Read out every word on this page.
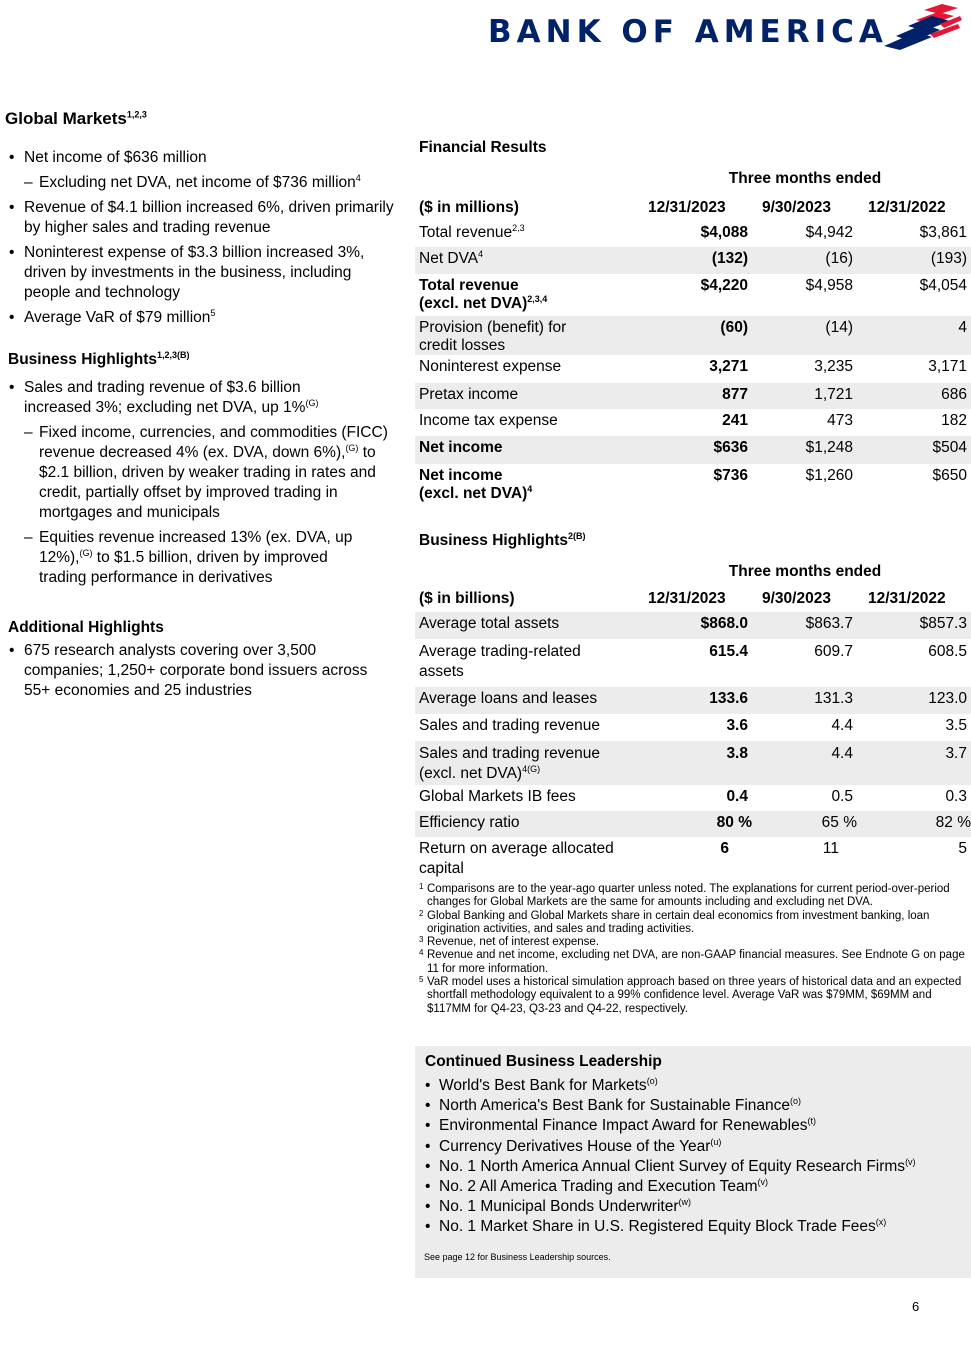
BANK OF AMERICA
Global Markets$^{1,2,3}$
• Net income of $636 million
– Excluding net DVA, net income of $736 million$^4$
• Revenue of $4.1 billion increased 6%, driven primarily by higher sales and trading revenue
• Noninterest expense of $3.3 billion increased 3%, driven by investments in the business, including people and technology
• Average VaR of $79 million$^5$
Business Highlights$^{1,2,3(B)}$
• Sales and trading revenue of $3.6 billion increased 3%; excluding net DVA, up 1%$^{(G)}$
– Fixed income, currencies, and commodities (FICC) revenue decreased 4% (ex. DVA, down 6%),$^{(G)}$ to $2.1 billion, driven by weaker trading in rates and credit, partially offset by improved trading in mortgages and municipals
– Equities revenue increased 13% (ex. DVA, up 12%),$^{(G)}$ to $1.5 billion, driven by improved trading performance in derivatives
Additional Highlights
• 675 research analysts covering over 3,500 companies; 1,250+ corporate bond issuers across 55+ economies and 25 industries
Financial Results
Three months ended
($ in millions)	12/31/2023 9/30/2023 12/31/2022
Total revenue$^{2,3}$	$4,088	$4,942	$3,861
Net DVA$^4$	(132)	(16)	(193)
Total revenue
(excl. net DVA)$^{2,3,4}$
$4,220	$4,958	$4,054
Provision (benefit) for
credit losses
(60)	(14)	4
Noninterest expense	3,271	3,235	3,171
Pretax income	877	1,721	686
Income tax expense	241	473	182
Net income	$636	$1,248	$504
Net income
(excl. net DVA)$^4$
$736	$1,260	$650
Business Highlights$^{2(B)}$
Three months ended
($ in billions)	12/31/2023 9/30/2023 12/31/2022
Average total assets	$868.0	$863.7	$857.3
Average trading-related
assets
615.4	609.7	608.5
Average loans and leases	133.6	131.3	123.0
Sales and trading revenue	3.6	4.4	3.5
Sales and trading revenue
(excl. net DVA)$^{4(G)}$
3.8	4.4	3.7
Global Markets IB fees	0.4	0.5	0.3
Efficiency ratio	80 %	65 %	82 %
Return on average allocated
capital
6	11	5
1 Comparisons are to the year-ago quarter unless noted. The explanations for current period-over-period changes for Global Markets are the same for amounts including and excluding net DVA.
2 Global Banking and Global Markets share in certain deal economics from investment banking, loan origination activities, and sales and trading activities.
3 Revenue, net of interest expense.
4 Revenue and net income, excluding net DVA, are non-GAAP financial measures. See Endnote G on page 11 for more information.
5 VaR model uses a historical simulation approach based on three years of historical data and an expected shortfall methodology equivalent to a 99% confidence level. Average VaR was $79MM, $69MM and $117MM for Q4-23, Q3-23 and Q4-22, respectively.
Continued Business Leadership
• World's Best Bank for Markets$^{(o)}$
• North America's Best Bank for Sustainable Finance$^{(o)}$
• Environmental Finance Impact Award for Renewables$^{(t)}$
• Currency Derivatives House of the Year$^{(u)}$
• No. 1 North America Annual Client Survey of Equity Research Firms$^{(v)}$
• No. 2 All America Trading and Execution Team$^{(v)}$
• No. 1 Municipal Bonds Underwriter$^{(w)}$
• No. 1 Market Share in U.S. Registered Equity Block Trade Fees$^{(x)}$
See page 12 for Business Leadership sources.
6
